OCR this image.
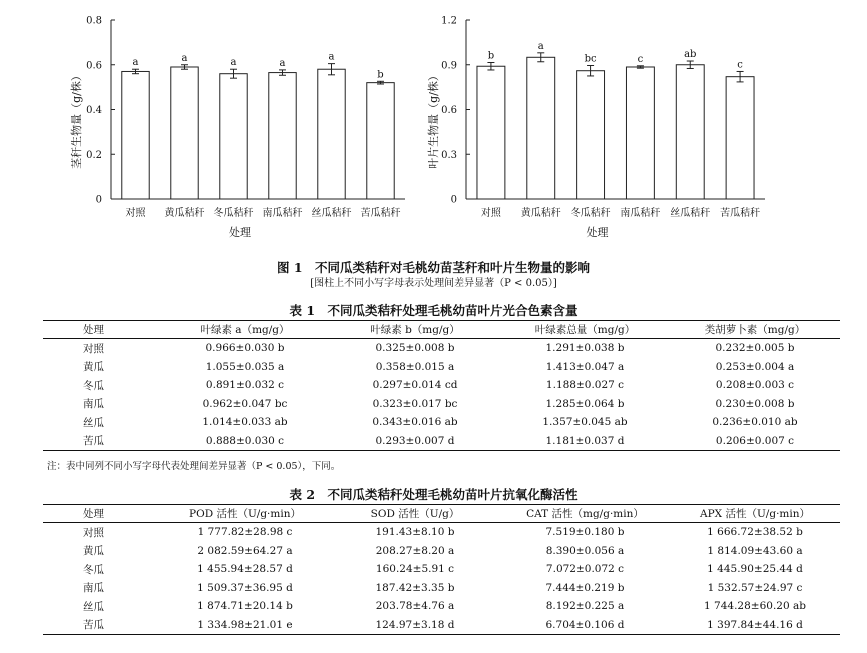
0
0.2
0.4
0.6
0.8
茎秆生物量（g/株）
a
对照
a
黄瓜秸秆
a
冬瓜秸秆
a
南瓜秸秆
a
丝瓜秸秆
b
苦瓜秸秆
处理
0
0.3
0.6
0.9
1.2
叶片生物量（g/株）
b
对照
a
黄瓜秸秆
bc
冬瓜秸秆
c
南瓜秸秆
ab
丝瓜秸秆
c
苦瓜秸秆
处理
图 1　不同瓜类秸秆对毛桃幼苗茎秆和叶片生物量的影响
[图柱上不同小写字母表示处理间差异显著（P < 0.05）]
表 1　不同瓜类秸秆处理毛桃幼苗叶片光合色素含量
处理	叶绿素 a（mg/g）	叶绿素 b（mg/g）	叶绿素总量（mg/g）	类胡萝卜素（mg/g）
对照	0.966±0.030 b	0.325±0.008 b	1.291±0.038 b	0.232±0.005 b
黄瓜	1.055±0.035 a	0.358±0.015 a	1.413±0.047 a	0.253±0.004 a
冬瓜	0.891±0.032 c	0.297±0.014 cd	1.188±0.027 c	0.208±0.003 c
南瓜	0.962±0.047 bc	0.323±0.017 bc	1.285±0.064 b	0.230±0.008 b
丝瓜	1.014±0.033 ab	0.343±0.016 ab	1.357±0.045 ab	0.236±0.010 ab
苦瓜	0.888±0.030 c	0.293±0.007 d	1.181±0.037 d	0.206±0.007 c
注：表中同列不同小写字母代表处理间差异显著（P < 0.05），下同。
表 2　不同瓜类秸秆处理毛桃幼苗叶片抗氧化酶活性
处理	POD 活性（U/g·min）	SOD 活性（U/g）	CAT 活性（mg/g·min）	APX 活性（U/g·min）
对照	1 777.82±28.98 c	191.43±8.10 b	7.519±0.180 b	1 666.72±38.52 b
黄瓜	2 082.59±64.27 a	208.27±8.20 a	8.390±0.056 a	1 814.09±43.60 a
冬瓜	1 455.94±28.57 d	160.24±5.91 c	7.072±0.072 c	1 445.90±25.44 d
南瓜	1 509.37±36.95 d	187.42±3.35 b	7.444±0.219 b	1 532.57±24.97 c
丝瓜	1 874.71±20.14 b	203.78±4.76 a	8.192±0.225 a	1 744.28±60.20 ab
苦瓜	1 334.98±21.01 e	124.97±3.18 d	6.704±0.106 d	1 397.84±44.16 d
